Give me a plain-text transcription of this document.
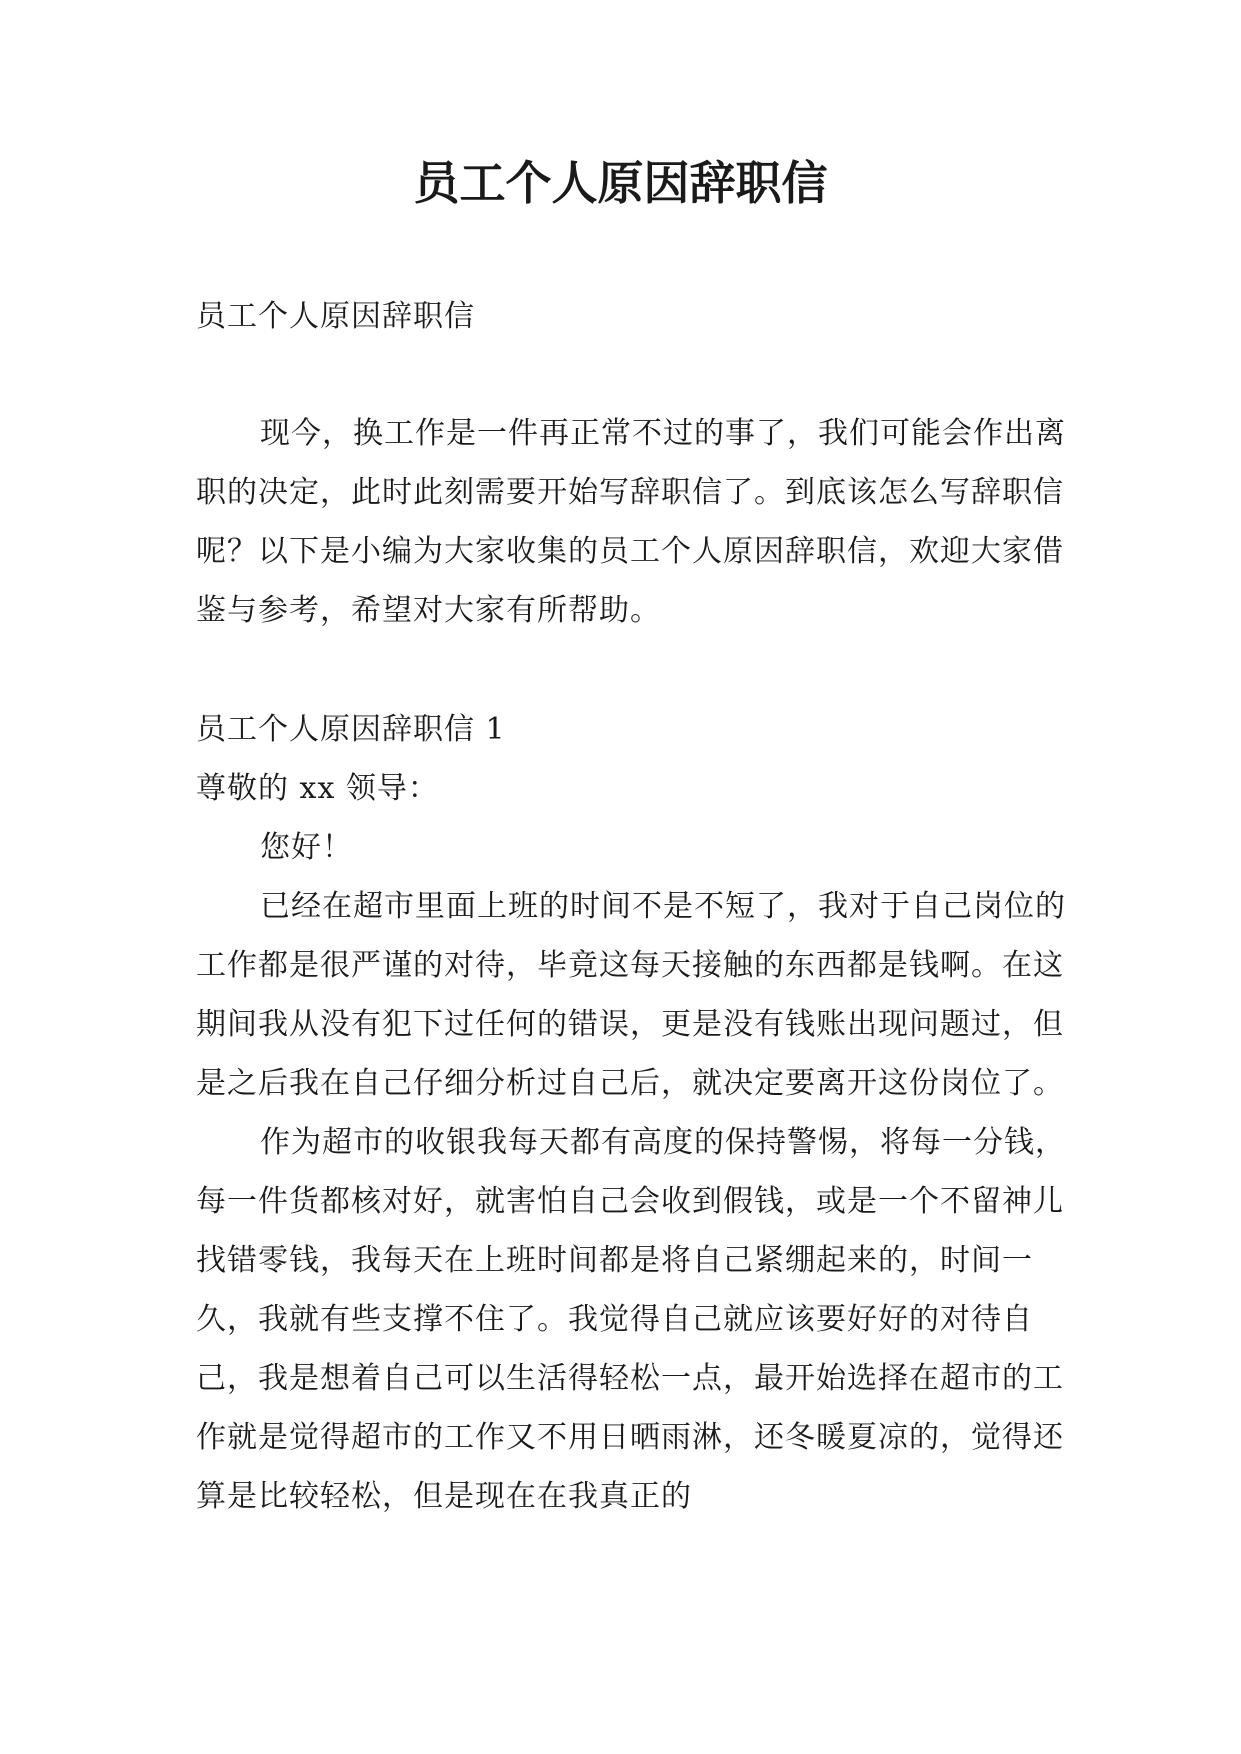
员工个人原因辞职信

员工个人原因辞职信

现今，换工作是一件再正常不过的事了，我们可能会作出离职的决定，此时此刻需要开始写辞职信了。到底该怎么写辞职信呢？以下是小编为大家收集的员工个人原因辞职信，欢迎大家借鉴与参考，希望对大家有所帮助。

员工个人原因辞职信 1

尊敬的 xx 领导：

您好！

已经在超市里面上班的时间不是不短了，我对于自己岗位的工作都是很严谨的对待，毕竟这每天接触的东西都是钱啊。在这期间我从没有犯下过任何的错误，更是没有钱账出现问题过，但是之后我在自己仔细分析过自己后，就决定要离开这份岗位了。

作为超市的收银我每天都有高度的保持警惕，将每一分钱，每一件货都核对好，就害怕自己会收到假钱，或是一个不留神儿找错零钱，我每天在上班时间都是将自己紧绷起来的，时间一久，我就有些支撑不住了。我觉得自己就应该要好好的对待自己，我是想着自己可以生活得轻松一点，最开始选择在超市的工作就是觉得超市的工作又不用日晒雨淋，还冬暖夏凉的，觉得还算是比较轻松，但是现在在我真正的
